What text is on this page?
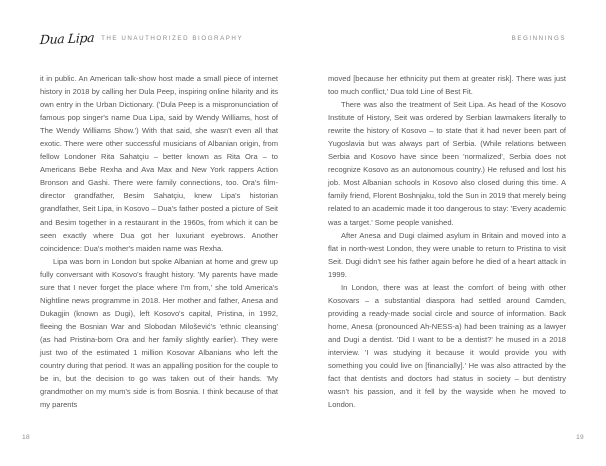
Dua Lipa THE UNAUTHORIZED BIOGRAPHY

it in public. An American talk-show host made a small piece of internet history in 2018 by calling her Dula Peep, inspiring online hilarity and its own entry in the Urban Dictionary. ('Dula Peep is a mispronunciation of famous pop singer's name Dua Lipa, said by Wendy Williams, host of The Wendy Williams Show.') With that said, she wasn't even all that exotic. There were other successful musicians of Albanian origin, from fellow Londoner Rita Sahatçiu – better known as Rita Ora – to Americans Bebe Rexha and Ava Max and New York rappers Action Bronson and Gashi. There were family connections, too. Ora's film-director grandfather, Besim Sahatçiu, knew Lipa's historian grandfather, Seit Lipa, in Kosovo – Dua's father posted a picture of Seit and Besim together in a restaurant in the 1960s, from which it can be seen exactly where Dua got her luxuriant eyebrows. Another coincidence: Dua's mother's maiden name was Rexha.

Lipa was born in London but spoke Albanian at home and grew up fully conversant with Kosovo's fraught history. 'My parents have made sure that I never forget the place where I'm from,' she told America's Nightline news programme in 2018. Her mother and father, Anesa and Dukagjin (known as Dugi), left Kosovo's capital, Pristina, in 1992, fleeing the Bosnian War and Slobodan Milošević's 'ethnic cleansing' (as had Pristina-born Ora and her family slightly earlier). They were just two of the estimated 1 million Kosovar Albanians who left the country during that period. It was an appalling position for the couple to be in, but the decision to go was taken out of their hands. 'My grandmother on my mum's side is from Bosnia. I think because of that my parents

18
BEGINNINGS

moved [because her ethnicity put them at greater risk]. There was just too much conflict,' Dua told Line of Best Fit.

There was also the treatment of Seit Lipa. As head of the Kosovo Institute of History, Seit was ordered by Serbian lawmakers literally to rewrite the history of Kosovo – to state that it had never been part of Yugoslavia but was always part of Serbia. (While relations between Serbia and Kosovo have since been 'normalized', Serbia does not recognize Kosovo as an autonomous country.) He refused and lost his job. Most Albanian schools in Kosovo also closed during this time. A family friend, Florent Boshnjaku, told the Sun in 2019 that merely being related to an academic made it too dangerous to stay: 'Every academic was a target.' Some people vanished.

After Anesa and Dugi claimed asylum in Britain and moved into a flat in north-west London, they were unable to return to Pristina to visit Seit. Dugi didn't see his father again before he died of a heart attack in 1999.

In London, there was at least the comfort of being with other Kosovars – a substantial diaspora had settled around Camden, providing a ready-made social circle and source of information. Back home, Anesa (pronounced Ah-NESS-a) had been training as a lawyer and Dugi a dentist. 'Did I want to be a dentist?' he mused in a 2018 interview. 'I was studying it because it would provide you with something you could live on [financially].' He was also attracted by the fact that dentists and doctors had status in society – but dentistry wasn't his passion, and it fell by the wayside when he moved to London.

19
